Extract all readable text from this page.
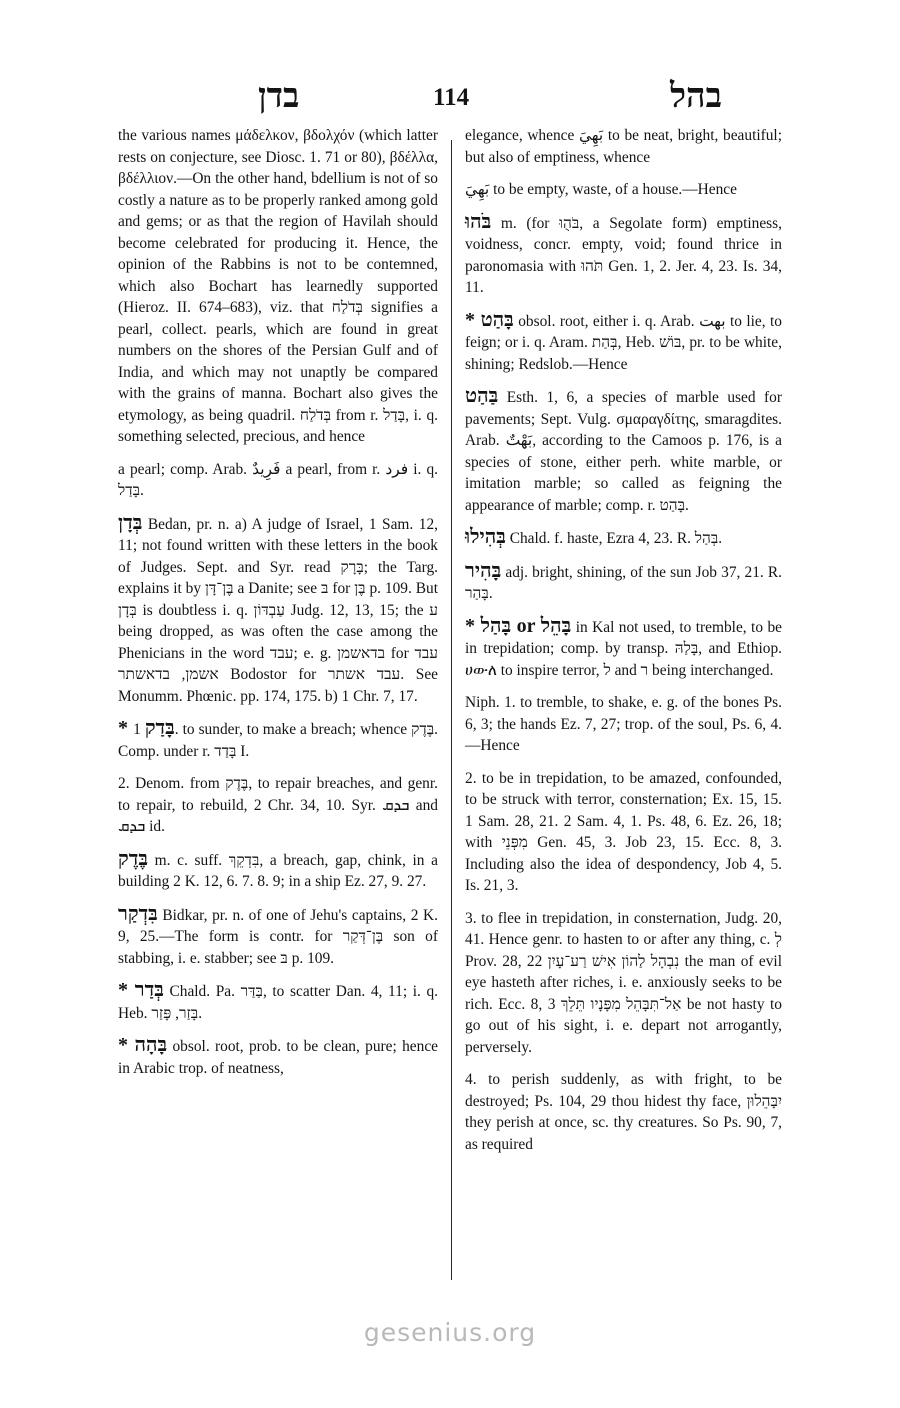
בדן	114	בהל

the various names μάδελκον, βδολχόν (which latter rests on conjecture, see Diosc. 1. 71 or 80), βδέλλα, βδέλλιον.—On the other hand, bdellium is not of so costly a nature as to be properly ranked among gold and gems; or as that the region of Havilah should become celebrated for producing it. Hence, the opinion of the Rabbins is not to be contemned, which also Bochart has learnedly supported (Hieroz. II. 674–683), viz. that בְּדֹלַח signifies a pearl, collect. pearls, which are found in great numbers on the shores of the Persian Gulf and of India, and which may not unaptly be compared with the grains of manna. Bochart also gives the etymology, as being quadril. בְּדֹלַח from r. בָּדַל, i. q. something selected, precious, and hence

a pearl; comp. Arab. فَرِيدٌ a pearl, from r. فرد i. q. בָּדַל.

בְּדָן Bedan, pr. n. a) A judge of Israel, 1 Sam. 12, 11; not found written with these letters in the book of Judges. Sept. and Syr. read בָּרָק; the Targ. explains it by בֶּן־דָּן a Danite; see בּ for בֶּן p. 109. But בְּדָן is doubtless i. q. עַבְדּוֹן Judg. 12, 13, 15; the ע being dropped, as was often the case among the Phenicians in the word עבד; e. g. בדאשמן for עבד אשמן, בדאשתר Bodostor for עבד אשתר. See Monumm. Phœnic. pp. 174, 175. b) 1 Chr. 7, 17.

* בָּדַק 1. to sunder, to make a breach; whence בֶּדֶק. Comp. under r. בָּדַד I.

2. Denom. from בֶּדֶק, to repair breaches, and genr. to repair, to rebuild, 2 Chr. 34, 10. Syr. ܒܕܩ and ܒܕܩ id.

בֶּדֶק m. c. suff. בִּדְקֵךְ, a breach, gap, chink, in a building 2 K. 12, 6. 7. 8. 9; in a ship Ez. 27, 9. 27.

בִּדְקַר Bidkar, pr. n. of one of Jehu's captains, 2 K. 9, 25.—The form is contr. for בֶּן־דְּקַר son of stabbing, i. e. stabber; see בּ p. 109.

* בְּדַר Chald. Pa. בַּדַּר, to scatter Dan. 4, 11; i. q. Heb. בָּזַר, פָּזַר.

* בָּהָה obsol. root, prob. to be clean, pure; hence in Arabic trop. of neatness,

elegance, whence بَهِيَ to be neat, bright, beautiful; but also of emptiness, whence

بَهِيَ to be empty, waste, of a house.—Hence

בֹּהוּ m. (for בֹּהֻוּ, a Segolate form) emptiness, voidness, concr. empty, void; found thrice in paronomasia with תֹּהוּ Gen. 1, 2. Jer. 4, 23. Is. 34, 11.

* בָּהַט obsol. root, either i. q. Arab. بهت to lie, to feign; or i. q. Aram. בְּהַת, Heb. בּוֹשׁ, pr. to be white, shining; Redslob.—Hence

בַּהַט Esth. 1, 6, a species of marble used for pavements; Sept. Vulg. σμαραγδίτης, smaragdites. Arab. بَهْتٌ, according to the Camoos p. 176, is a species of stone, either perh. white marble, or imitation marble; so called as feigning the appearance of marble; comp. r. בָּהַט.

בְּהִילוּ Chald. f. haste, Ezra 4, 23. R. בְּהַל.

בָּהִיר adj. bright, shining, of the sun Job 37, 21. R. בָּהַר.

* בָּהַל or בָּהֵל in Kal not used, to tremble, to be in trepidation; comp. by transp. בָּלַהּ, and Ethiop. ሀውለ to inspire terror, ל and ר being interchanged.

Niph. 1. to tremble, to shake, e. g. of the bones Ps. 6, 3; the hands Ez. 7, 27; trop. of the soul, Ps. 6, 4.—Hence

2. to be in trepidation, to be amazed, confounded, to be struck with terror, consternation; Ex. 15, 15. 1 Sam. 28, 21. 2 Sam. 4, 1. Ps. 48, 6. Ez. 26, 18; with מִפְּנֵי Gen. 45, 3. Job 23, 15. Ecc. 8, 3. Including also the idea of despondency, Job 4, 5. Is. 21, 3.

3. to flee in trepidation, in consternation, Judg. 20, 41. Hence genr. to hasten to or after any thing, c. לְ Prov. 28, 22 נִבְהָל לַהוֹן אִישׁ רַע־עָיִן the man of evil eye hasteth after riches, i. e. anxiously seeks to be rich. Ecc. 8, 3 אַל־תִּבָּהֵל מִפָּנָיו תֵּלֵךְ be not hasty to go out of his sight, i. e. depart not arrogantly, perversely.

4. to perish suddenly, as with fright, to be destroyed; Ps. 104, 29 thou hidest thy face, יִבָּהֵלוּן they perish at once, sc. thy creatures. So Ps. 90, 7, as required

gesenius.org
